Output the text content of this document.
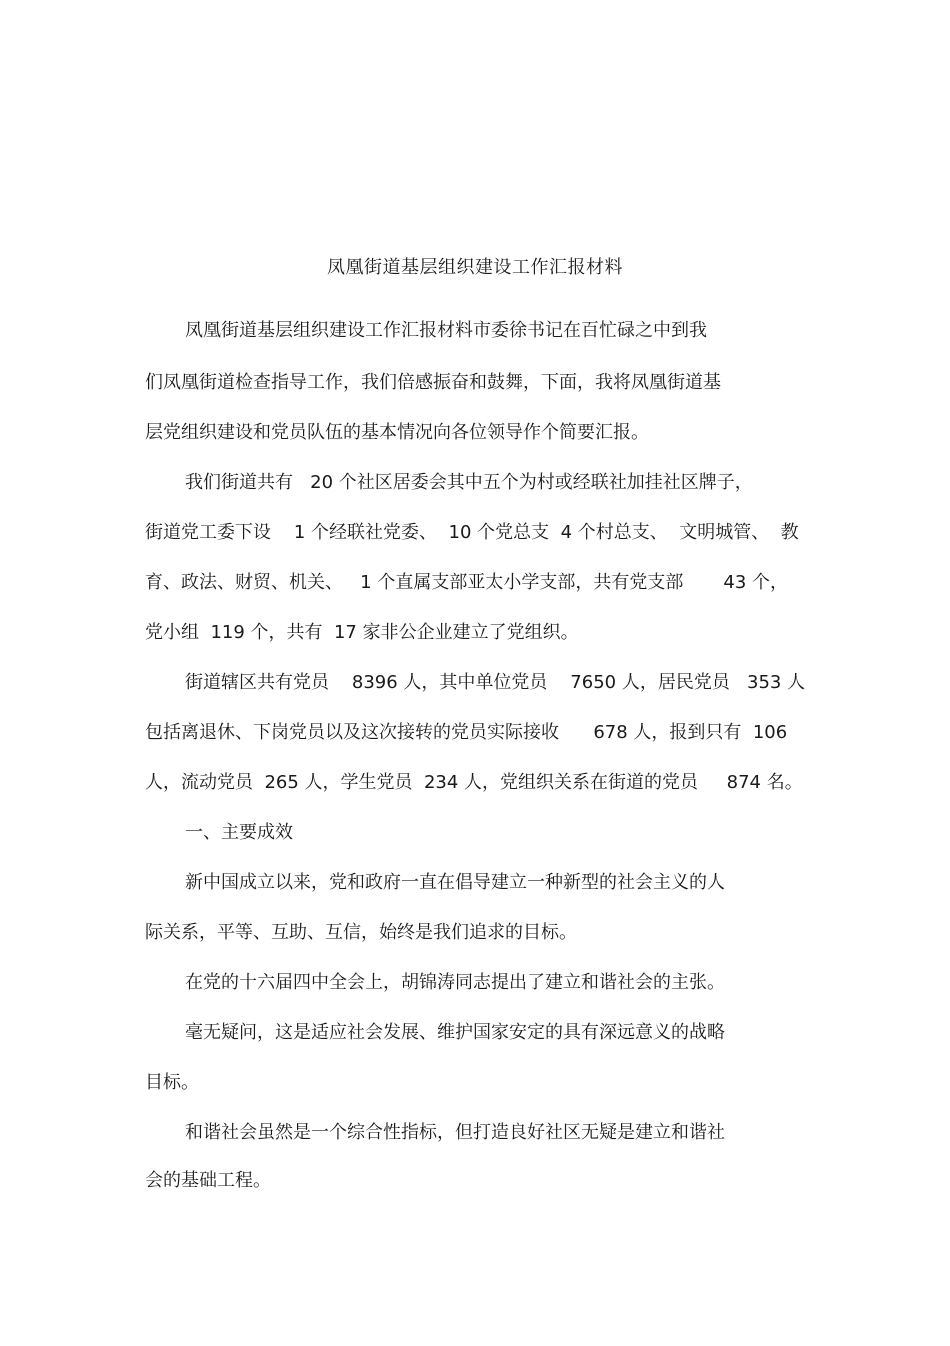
凤凰街道基层组织建设工作汇报材料
凤凰街道基层组织建设工作汇报材料市委徐书记在百忙碌之中到我
们凤凰街道检查指导工作，我们倍感振奋和鼓舞，下面，我将凤凰街道基
层党组织建设和党员队伍的基本情况向各位领导作个简要汇报。
我们街道共有   20 个社区居委会其中五个为村或经联社加挂社区牌子，
街道党工委下设    1 个经联社党委、  10 个党总支  4 个村总支、  文明城管、  教
育、政法、财贸、机关、   1 个直属支部亚太小学支部，共有党支部       43 个，
党小组  119 个，共有  17 家非公企业建立了党组织。
街道辖区共有党员    8396 人，其中单位党员    7650 人，居民党员   353 人
包括离退休、下岗党员以及这次接转的党员实际接收      678 人，报到只有  106
人，流动党员  265 人，学生党员  234 人，党组织关系在街道的党员     874 名。
一、主要成效
新中国成立以来，党和政府一直在倡导建立一种新型的社会主义的人
际关系，平等、互助、互信，始终是我们追求的目标。
在党的十六届四中全会上，胡锦涛同志提出了建立和谐社会的主张。
毫无疑问，这是适应社会发展、维护国家安定的具有深远意义的战略
目标。
和谐社会虽然是一个综合性指标，但打造良好社区无疑是建立和谐社
会的基础工程。
